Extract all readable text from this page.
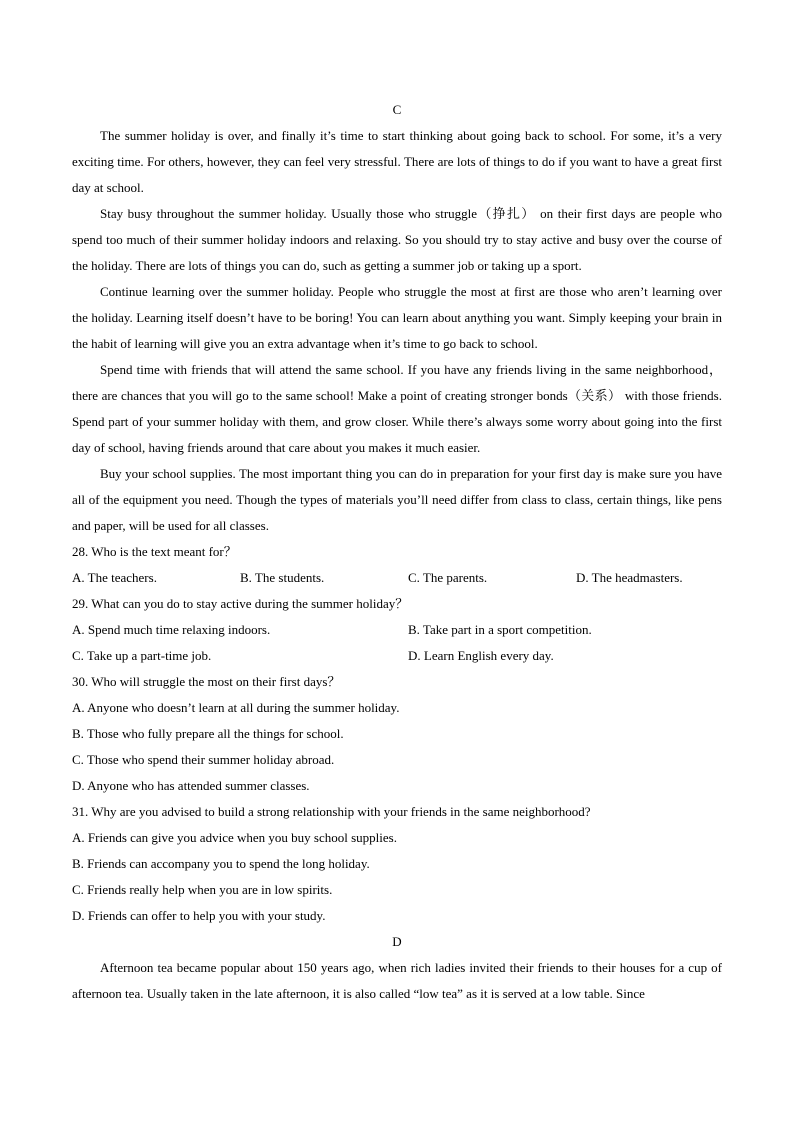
C

The summer holiday is over, and finally it’s time to start thinking about going back to school. For some, it’s a very exciting time. For others, however, they can feel very stressful. There are lots of things to do if you want to have a great first day at school.

Stay busy throughout the summer holiday. Usually those who struggle（挣扎） on their first days are people who spend too much of their summer holiday indoors and relaxing. So you should try to stay active and busy over the course of the holiday. There are lots of things you can do, such as getting a summer job or taking up a sport.

Continue learning over the summer holiday. People who struggle the most at first are those who aren’t learning over the holiday. Learning itself doesn’t have to be boring! You can learn about anything you want. Simply keeping your brain in the habit of learning will give you an extra advantage when it’s time to go back to school.

Spend time with friends that will attend the same school. If you have any friends living in the same neighborhood，there are chances that you will go to the same school! Make a point of creating stronger bonds（关系） with those friends. Spend part of your summer holiday with them, and grow closer. While there’s always some worry about going into the first day of school, having friends around that care about you makes it much easier.

Buy your school supplies. The most important thing you can do in preparation for your first day is make sure you have all of the equipment you need. Though the types of materials you’ll need differ from class to class, certain things, like pens and paper, will be used for all classes.

28. Who is the text meant for？
A. The teachers.	B. The students.	C. The parents.	D. The headmasters.
29. What can you do to stay active during the summer holiday？
A. Spend much time relaxing indoors.	B. Take part in a sport competition.
C. Take up a part-time job.	D. Learn English every day.
30. Who will struggle the most on their first days？
A. Anyone who doesn’t learn at all during the summer holiday.
B. Those who fully prepare all the things for school.
C. Those who spend their summer holiday abroad.
D. Anyone who has attended summer classes.
31. Why are you advised to build a strong relationship with your friends in the same neighborhood?
A. Friends can give you advice when you buy school supplies.
B. Friends can accompany you to spend the long holiday.
C. Friends really help when you are in low spirits.
D. Friends can offer to help you with your study.
D

Afternoon tea became popular about 150 years ago, when rich ladies invited their friends to their houses for a cup of afternoon tea. Usually taken in the late afternoon, it is also called “low tea” as it is served at a low table. Since
